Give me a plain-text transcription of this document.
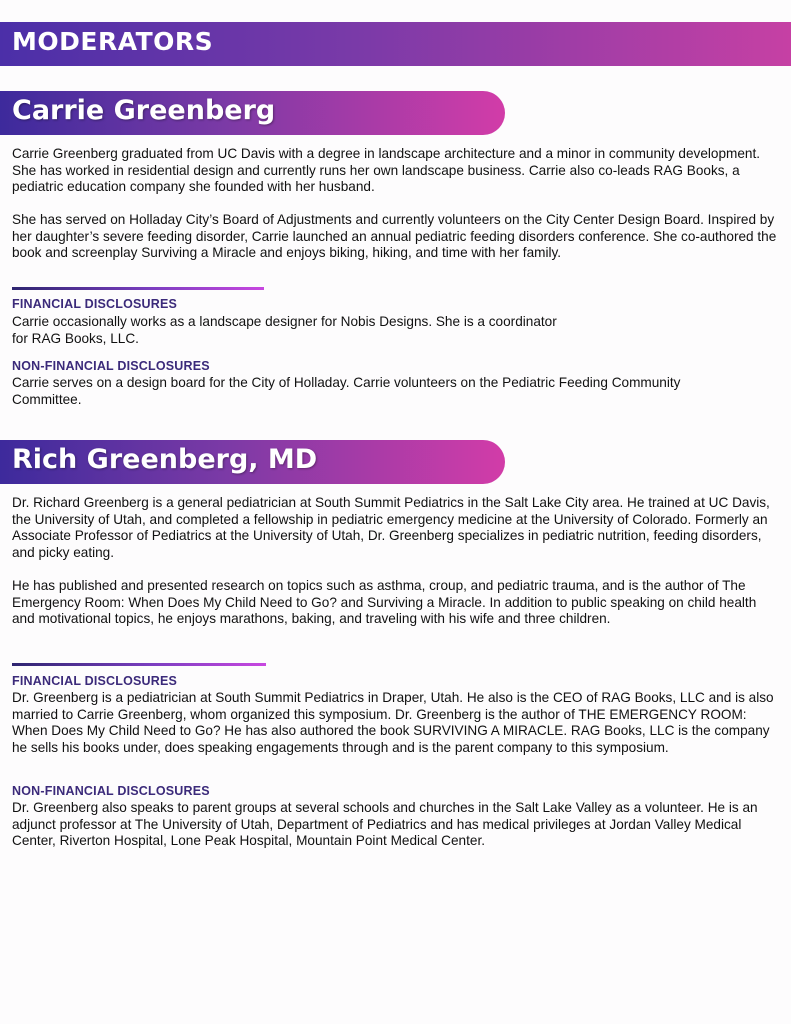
MODERATORS
Carrie Greenberg

Carrie Greenberg graduated from UC Davis with a degree in landscape architecture and a minor in community development. She has worked in residential design and currently runs her own landscape business. Carrie also co-leads RAG Books, a pediatric education company she founded with her husband.

She has served on Holladay City’s Board of Adjustments and currently volunteers on the City Center Design Board. Inspired by her daughter’s severe feeding disorder, Carrie launched an annual pediatric feeding disorders conference. She co-authored the book and screenplay Surviving a Miracle and enjoys biking, hiking, and time with her family.

FINANCIAL DISCLOSURES

Carrie occasionally works as a landscape designer for Nobis Designs. She is a coordinator for RAG Books, LLC.

NON-FINANCIAL DISCLOSURES

Carrie serves on a design board for the City of Holladay. Carrie volunteers on the Pediatric Feeding Community Committee.

Rich Greenberg, MD

Dr. Richard Greenberg is a general pediatrician at South Summit Pediatrics in the Salt Lake City area. He trained at UC Davis, the University of Utah, and completed a fellowship in pediatric emergency medicine at the University of Colorado. Formerly an Associate Professor of Pediatrics at the University of Utah, Dr. Greenberg specializes in pediatric nutrition, feeding disorders, and picky eating.

He has published and presented research on topics such as asthma, croup, and pediatric trauma, and is the author of The Emergency Room: When Does My Child Need to Go? and Surviving a Miracle. In addition to public speaking on child health and motivational topics, he enjoys marathons, baking, and traveling with his wife and three children.

FINANCIAL DISCLOSURES

Dr. Greenberg is a pediatrician at South Summit Pediatrics in Draper, Utah. He also is the CEO of RAG Books, LLC and is also married to Carrie Greenberg, whom organized this symposium. Dr. Greenberg is the author of THE EMERGENCY ROOM: When Does My Child Need to Go? He has also authored the book SURVIVING A MIRACLE. RAG Books, LLC is the company he sells his books under, does speaking engagements through and is the parent company to this symposium.

NON-FINANCIAL DISCLOSURES

Dr. Greenberg also speaks to parent groups at several schools and churches in the Salt Lake Valley as a volunteer. He is an adjunct professor at The University of Utah, Department of Pediatrics and has medical privileges at Jordan Valley Medical Center, Riverton Hospital, Lone Peak Hospital, Mountain Point Medical Center.
